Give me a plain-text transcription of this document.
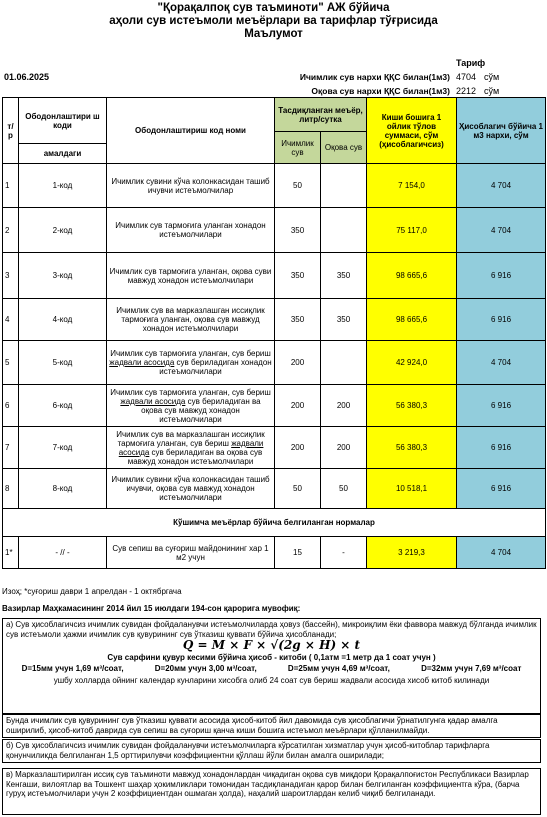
"Қорақалпоқ сув таъминоти" АЖ бўйича
аҳоли сув истеъмоли меъёрлари ва тарифлар тўғрисида
Маълумот
Тариф
01.06.2025	Ичимлик сув нархи ҚҚС билан(1м3) 4704 сўм
Оқова сув нархи ҚҚС билан(1м3) 2212 сўм
т/р	Ободонлаштири ш коди	Ободонлаштириш код номи	Тасдиқланган меъёр, литр/сутка		Киши бошига 1 ойлик тўлов суммаси, сўм (ҳисоблагичсиз)	Ҳисоблагич бўйича 1 м3 нархи, сўм
			Ичимлик сув	Оқова сув		
	амалдаги					
1	1-код	Ичимлик сувини кўча колонкасидан ташиб ичувчи истеъмолчилар	50		7 154,0	4 704
2	2-код	Ичимлик сув тармоғига уланган хонадон истеъмолчилари	350		75 117,0	4 704
3	3-код	Ичимлик сув тармоғига уланган, оқова суви мавжуд хонадон истеъмолчилари	350	350	98 665,6	6 916
4	4-код	Ичимлик сув ва марказлашган иссиқлик тармоғига уланган, оқова сув мавжуд хонадон истеъмолчилари	350	350	98 665,6	6 916
5	5-код	Ичимлик сув тармоғига уланган, сув бериш жадвали асосида сув бериладиган хонадон истеъмолчилари	200		42 924,0	4 704
6	6-код	Ичимлик сув тармоғига уланган, сув бериш жадвали асосида сув бериладиган ва оқова сув мавжуд хонадон истеъмолчилари	200	200	56 380,3	6 916
7	7-код	Ичимлик сув ва марказлашган иссиқлик тармоғига уланган, сув бериш жадвали асосида сув бериладиган ва оқова сув мавжуд хонадон истеъмолчилари	200	200	56 380,3	6 916
8	8-код	Ичимлик сувини кўча колонкасидан ташиб ичувчи, оқова сув мавжуд хонадон истеъмолчилари	50	50	10 518,1	6 916
Кўшимча меъёрлар бўйича белгиланган нормалар						
1*	- // -	Сув сепиш ва суғориш майдонининг хар 1 м2 учун	15	-	3 219,3	4 704
Изоҳ; *суғориш даври 1 апрелдан - 1 октябргача
Вазирлар Маҳкамасининг 2014 йил 15 июлдаги 194-сон қарорига мувофиқ:
а) Сув ҳисоблагичсиз ичимлик сувидан фойдаланувчи истеъмолчиларда ҳовуз (бассейн), микроиқлим ёки фаввора мавжуд бўлганда ичимлик сув истеъмоли ҳажми ичимлик сув қувурининг сув ўтказиш қуввати бўйича ҳисобланади;
Q = M × F × √(2g × H) × t
Сув сарфини қувур кесими бўйича ҳисоб - китоби ( 0,1атм =1 метр да 1 соат учун )
D=15мм учун 1,69 м³/соат,	D=20мм учун 3,00 м³/соат,	D=25мм учун 4,69 м³/соат,	D=32мм учун 7,69 м³/соат
ушбу холларда ойнинг календар кунларини хисобга олиб 24 соат сув бериш жадвали асосида хисоб китоб килинади
Бунда ичимлик сув қувурининг сув ўтказиш қуввати асосида ҳисоб-китоб йил давомида сув ҳисоблагичи ўрнатилгунга қадар амалга оширилиб, ҳисоб-китоб даврида сув сепиш ва суғориш қанча киши бошига истеъмол меъёрлари қўлланилмайди.
б) Сув ҳисоблагичсиз ичимлик сувидан фойдаланувчи истеъмолчиларга кўрсатилган хизматлар учун ҳисоб-китоблар тарифларга қонунчиликда белгиланган 1,5 орттирилувчи коэффициентни қўллаш йўли билан амалга оширилади;
в) Марказлаштирилган иссиқ сув таъминоти мавжуд хонадонлардан чиқадиган оқова сув миқдори Қорақалпоғистон Республикаси Вазирлар Кенгаши, вилоятлар ва Тошкент шаҳар ҳокимликлари томонидан тасдиқланадиган қарор билан белгиланган коэффициентга кўра, (барча гуруҳ истеъмолчилари учун 2 коэффициентдан ошмаган ҳолда), наҳалий шароитлардан келиб чиқиб белгиланади.
